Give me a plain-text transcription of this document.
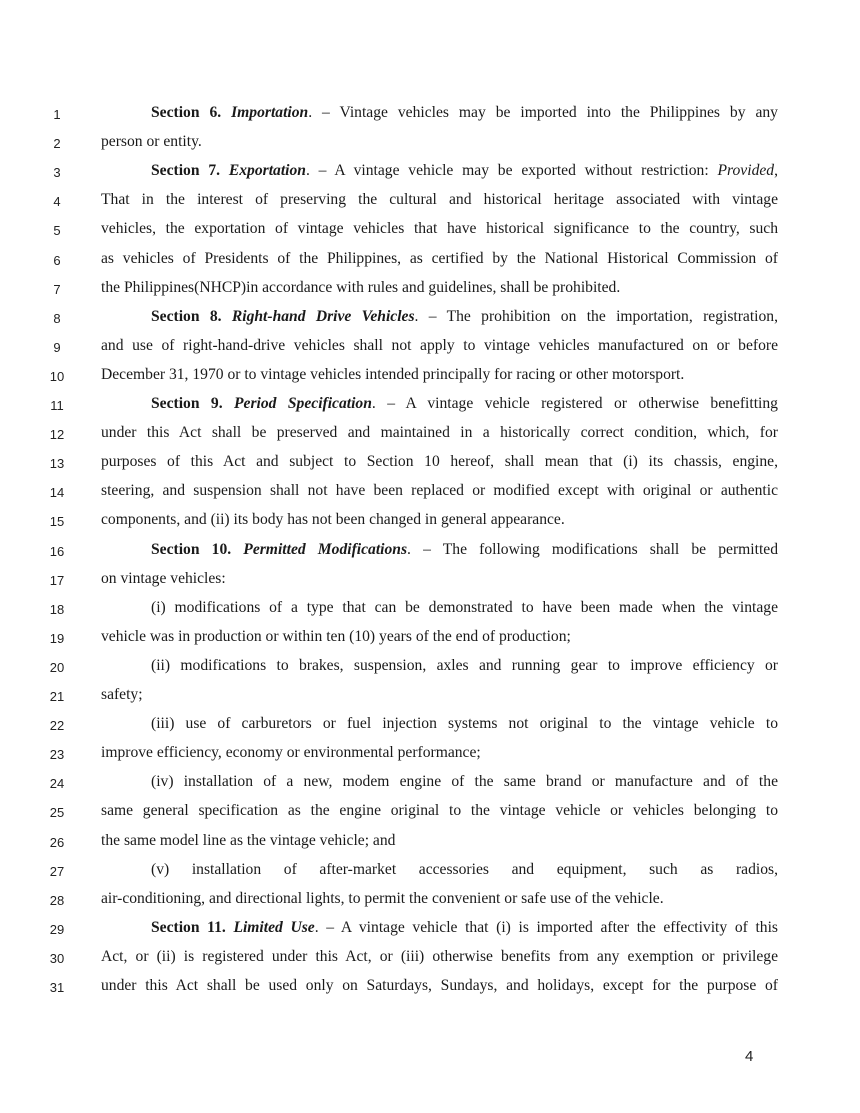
1	Section 6. Importation. – Vintage vehicles may be imported into the Philippines by any
2	person or entity.
3	Section 7. Exportation. – A vintage vehicle may be exported without restriction: Provided,
4	That in the interest of preserving the cultural and historical heritage associated with vintage
5	vehicles, the exportation of vintage vehicles that have historical significance to the country, such
6	as vehicles of Presidents of the Philippines, as certified by the National Historical Commission of
7	the Philippines(NHCP)in accordance with rules and guidelines, shall be prohibited.
8	Section 8. Right-hand Drive Vehicles. – The prohibition on the importation, registration,
9	and use of right-hand-drive vehicles shall not apply to vintage vehicles manufactured on or before
10	December 31, 1970 or to vintage vehicles intended principally for racing or other motorsport.
11	Section 9. Period Specification. – A vintage vehicle registered or otherwise benefitting
12	under this Act shall be preserved and maintained in a historically correct condition, which, for
13	purposes of this Act and subject to Section 10 hereof, shall mean that (i) its chassis, engine,
14	steering, and suspension shall not have been replaced or modified except with original or authentic
15	components, and (ii) its body has not been changed in general appearance.
16	Section 10. Permitted Modifications. – The following modifications shall be permitted
17	on vintage vehicles:
18	(i) modifications of a type that can be demonstrated to have been made when the vintage
19	vehicle was in production or within ten (10) years of the end of production;
20	(ii) modifications to brakes, suspension, axles and running gear to improve efficiency or
21	safety;
22	(iii) use of carburetors or fuel injection systems not original to the vintage vehicle to
23	improve efficiency, economy or environmental performance;
24	(iv) installation of a new, modem engine of the same brand or manufacture and of the
25	same general specification as the engine original to the vintage vehicle or vehicles belonging to
26	the same model line as the vintage vehicle; and
27	(v) installation of after-market accessories and equipment, such as radios,
28	air-conditioning, and directional lights, to permit the convenient or safe use of the vehicle.
29	Section 11. Limited Use. – A vintage vehicle that (i) is imported after the effectivity of this
30	Act, or (ii) is registered under this Act, or (iii) otherwise benefits from any exemption or privilege
31	under this Act shall be used only on Saturdays, Sundays, and holidays, except for the purpose of
4
